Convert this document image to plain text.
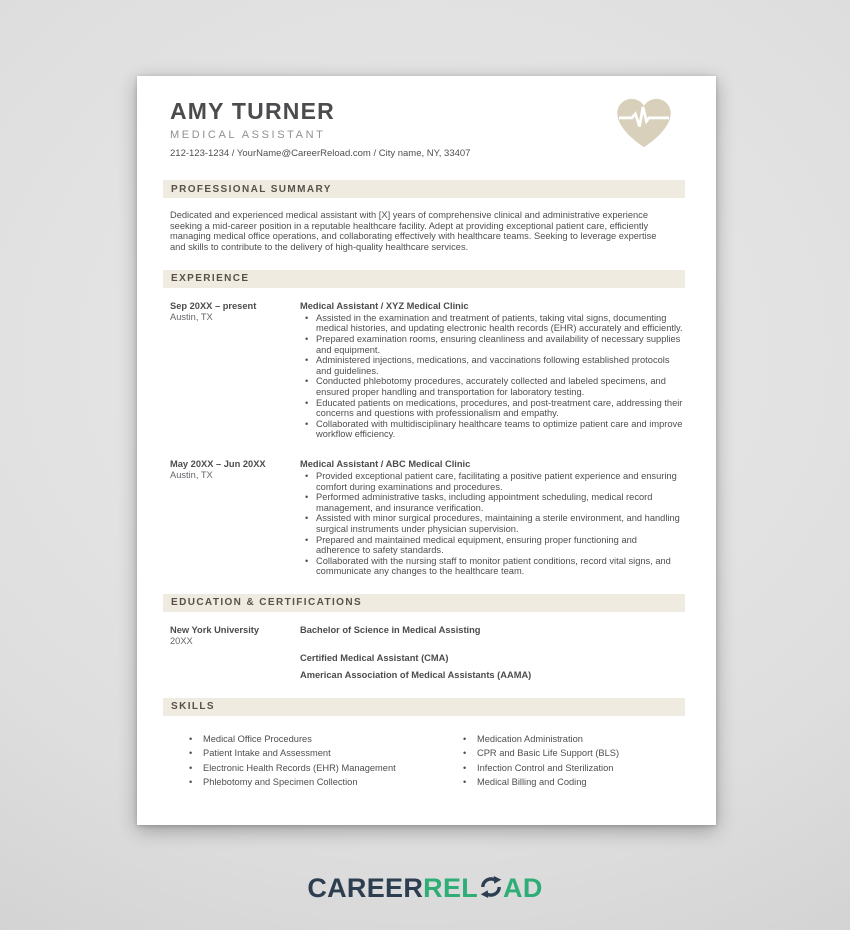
AMY TURNER
MEDICAL ASSISTANT
212-123-1234 / YourName@CareerReload.com / City name, NY, 33407
PROFESSIONAL SUMMARY

Dedicated and experienced medical assistant with [X] years of comprehensive clinical and administrative experience seeking a mid-career position in a reputable healthcare facility. Adept at providing exceptional patient care, efficiently managing medical office operations, and collaborating effectively with healthcare teams. Seeking to leverage expertise and skills to contribute to the delivery of high-quality healthcare services.

EXPERIENCE
Sep 20XX – present
Austin, TX
Medical Assistant / XYZ Medical Clinic
• Assisted in the examination and treatment of patients, taking vital signs, documenting medical histories, and updating electronic health records (EHR) accurately and efficiently.
• Prepared examination rooms, ensuring cleanliness and availability of necessary supplies and equipment.
• Administered injections, medications, and vaccinations following established protocols and guidelines.
• Conducted phlebotomy procedures, accurately collected and labeled specimens, and ensured proper handling and transportation for laboratory testing.
• Educated patients on medications, procedures, and post-treatment care, addressing their concerns and questions with professionalism and empathy.
• Collaborated with multidisciplinary healthcare teams to optimize patient care and improve workflow efficiency.
May 20XX – Jun 20XX
Austin, TX
Medical Assistant / ABC Medical Clinic
• Provided exceptional patient care, facilitating a positive patient experience and ensuring comfort during examinations and procedures.
• Performed administrative tasks, including appointment scheduling, medical record management, and insurance verification.
• Assisted with minor surgical procedures, maintaining a sterile environment, and handling surgical instruments under physician supervision.
• Prepared and maintained medical equipment, ensuring proper functioning and adherence to safety standards.
• Collaborated with the nursing staff to monitor patient conditions, record vital signs, and communicate any changes to the healthcare team.
EDUCATION & CERTIFICATIONS
New York University
20XX
Bachelor of Science in Medical Assisting
Certified Medical Assistant (CMA)
American Association of Medical Assistants (AAMA)
SKILLS
• Medical Office Procedures
• Patient Intake and Assessment
• Electronic Health Records (EHR) Management
• Phlebotomy and Specimen Collection
• Medication Administration
• CPR and Basic Life Support (BLS)
• Infection Control and Sterilization
• Medical Billing and Coding
CAREERREL AD
